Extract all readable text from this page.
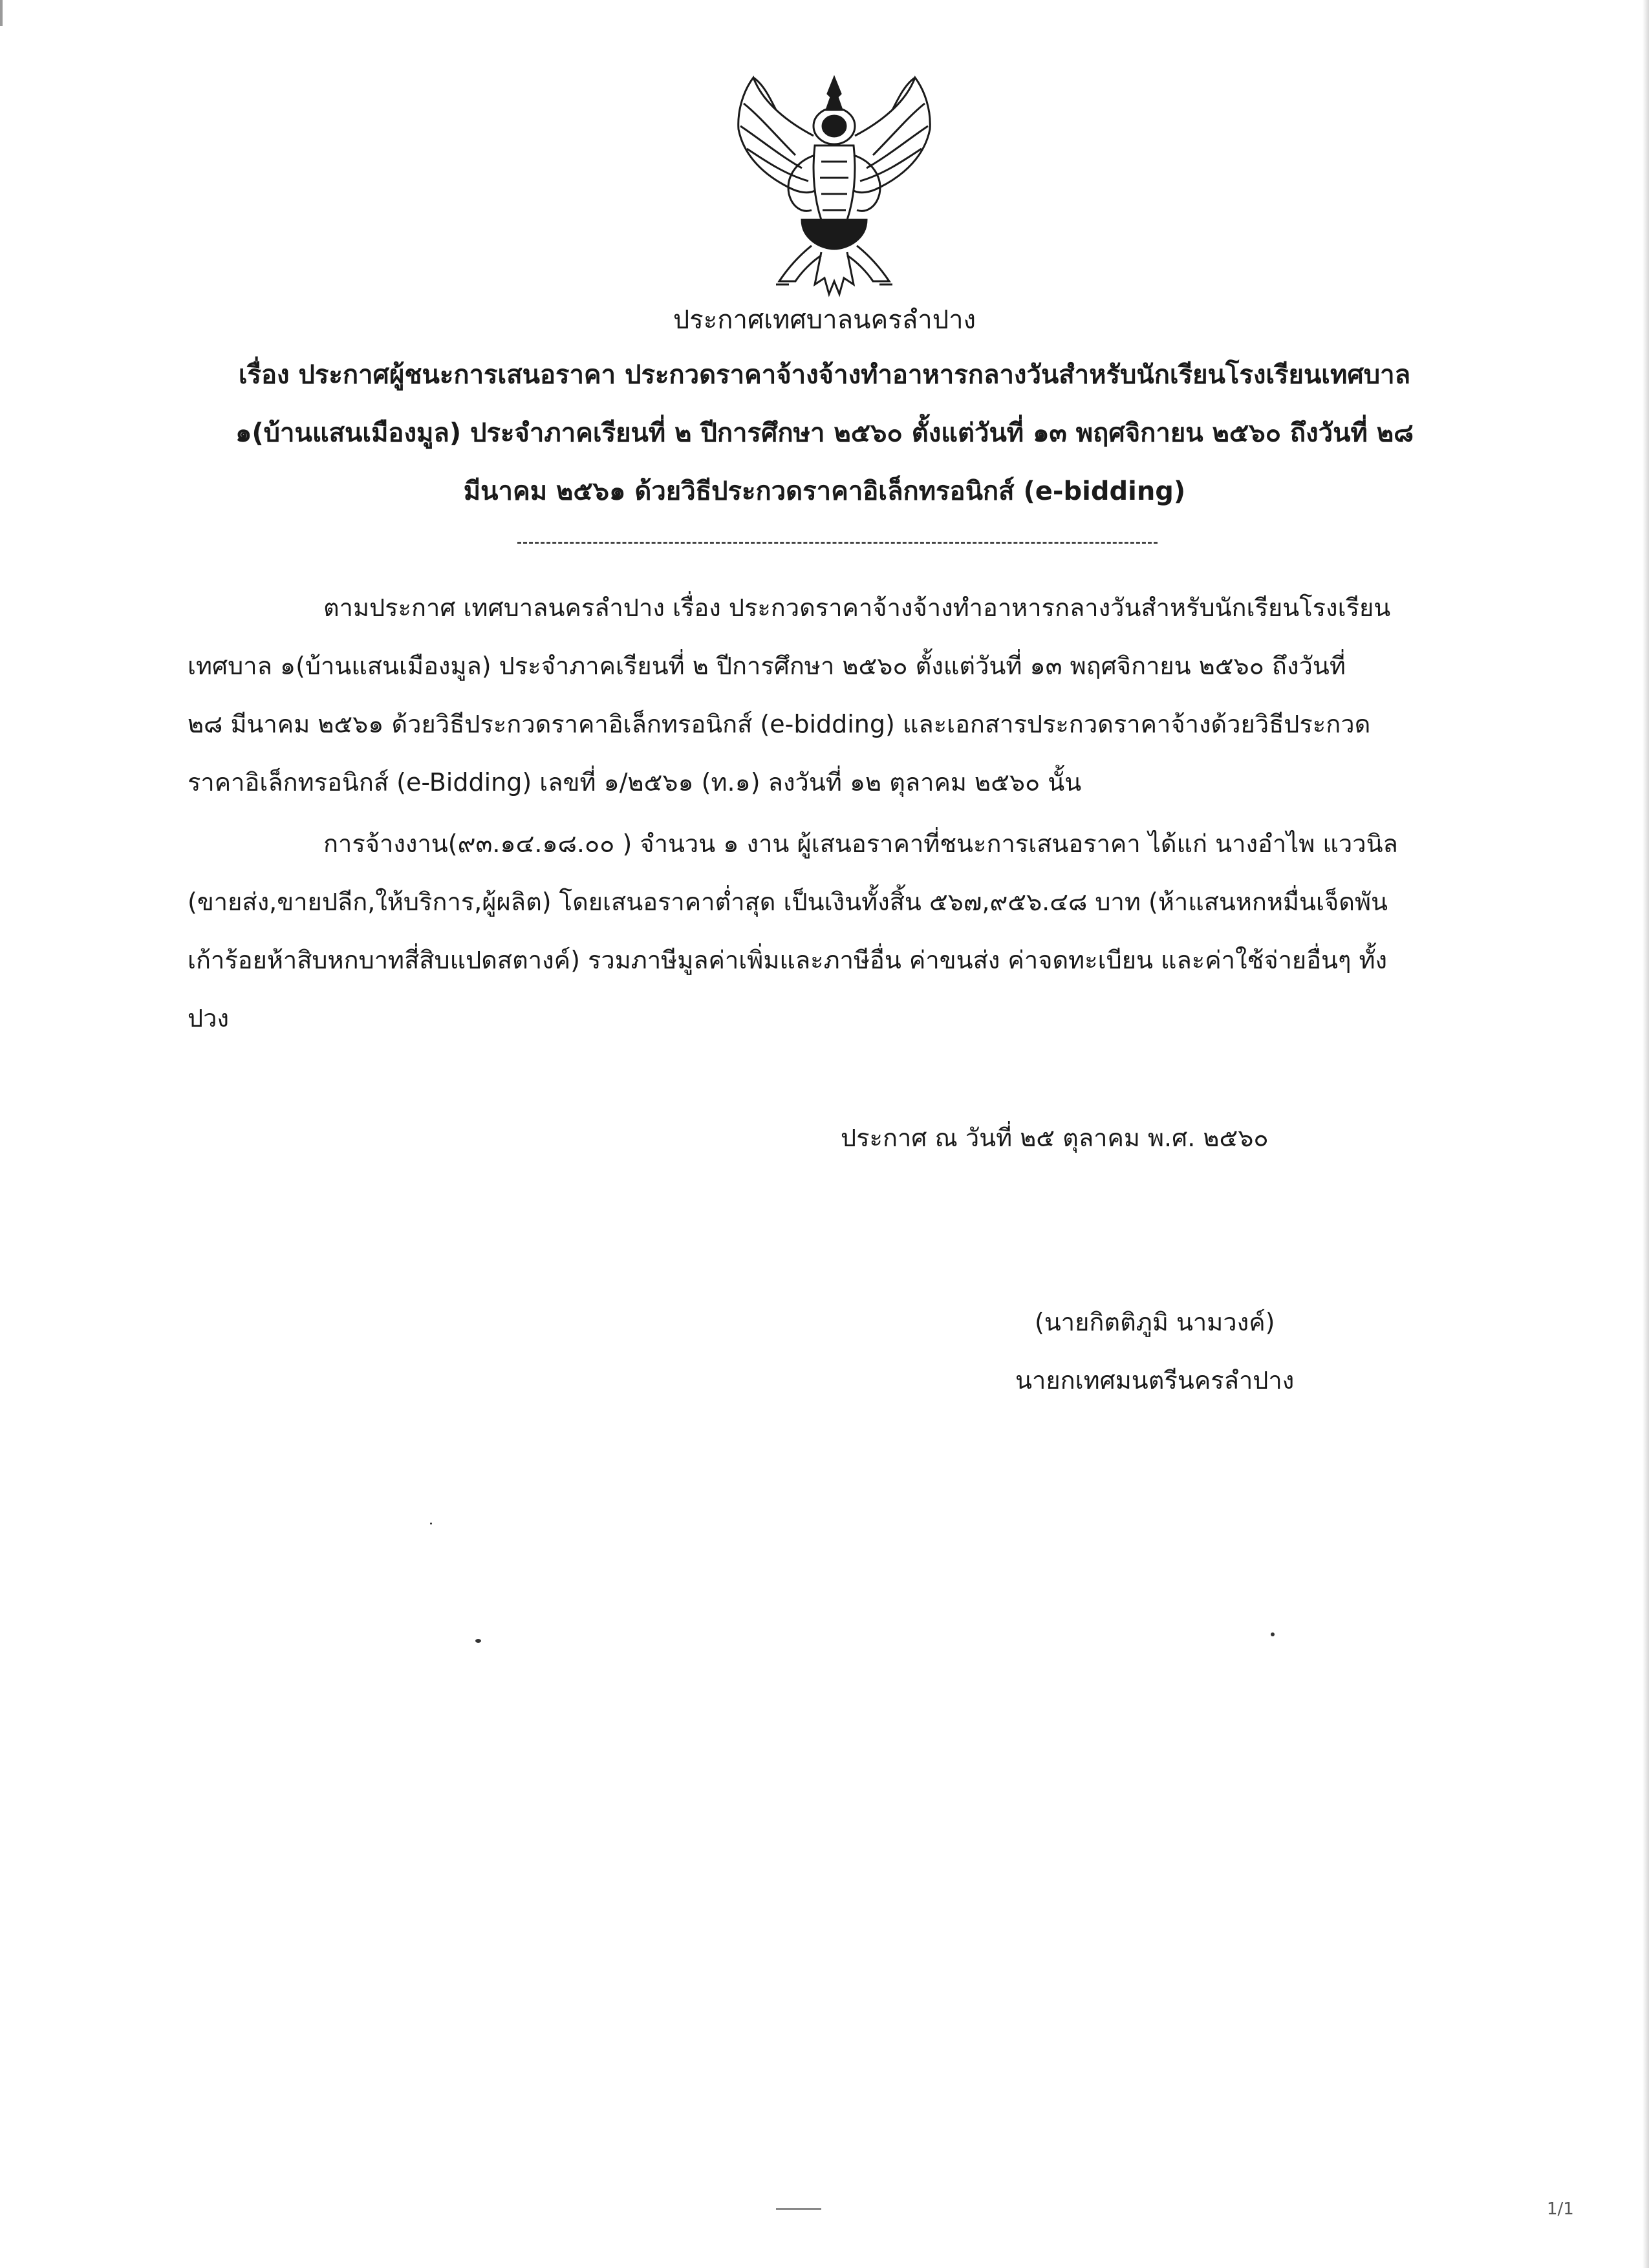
ประกาศเทศบาลนครลำปาง
เรื่อง ประกาศผู้ชนะการเสนอราคา ประกวดราคาจ้างจ้างทำอาหารกลางวันสำหรับนักเรียนโรงเรียนเทศบาล
๑(บ้านแสนเมืองมูล) ประจำภาคเรียนที่ ๒ ปีการศึกษา ๒๕๖๐ ตั้งแต่วันที่ ๑๓ พฤศจิกายน ๒๕๖๐ ถึงวันที่ ๒๘
มีนาคม ๒๕๖๑ ด้วยวิธีประกวดราคาอิเล็กทรอนิกส์ (e-bidding)
ตามประกาศ เทศบาลนครลำปาง เรื่อง ประกวดราคาจ้างจ้างทำอาหารกลางวันสำหรับนักเรียนโรงเรียน
เทศบาล ๑(บ้านแสนเมืองมูล) ประจำภาคเรียนที่ ๒ ปีการศึกษา ๒๕๖๐ ตั้งแต่วันที่ ๑๓ พฤศจิกายน ๒๕๖๐ ถึงวันที่
๒๘ มีนาคม ๒๕๖๑ ด้วยวิธีประกวดราคาอิเล็กทรอนิกส์ (e-bidding) และเอกสารประกวดราคาจ้างด้วยวิธีประกวด
ราคาอิเล็กทรอนิกส์ (e-Bidding) เลขที่ ๑/๒๕๖๑ (ท.๑) ลงวันที่ ๑๒ ตุลาคม ๒๕๖๐ นั้น
การจ้างงาน(๙๓.๑๔.๑๘.๐๐ ) จำนวน ๑ งาน ผู้เสนอราคาที่ชนะการเสนอราคา ได้แก่ นางอำไพ แววนิล
(ขายส่ง,ขายปลีก,ให้บริการ,ผู้ผลิต) โดยเสนอราคาต่ำสุด เป็นเงินทั้งสิ้น ๕๖๗,๙๕๖.๔๘ บาท (ห้าแสนหกหมื่นเจ็ดพัน
เก้าร้อยห้าสิบหกบาทสี่สิบแปดสตางค์) รวมภาษีมูลค่าเพิ่มและภาษีอื่น ค่าขนส่ง ค่าจดทะเบียน และค่าใช้จ่ายอื่นๆ ทั้ง
ปวง
ประกาศ ณ วันที่ ๒๕ ตุลาคม พ.ศ. ๒๕๖๐
(นายกิตติภูมิ นามวงค์)
นายกเทศมนตรีนครลำปาง
1/1
